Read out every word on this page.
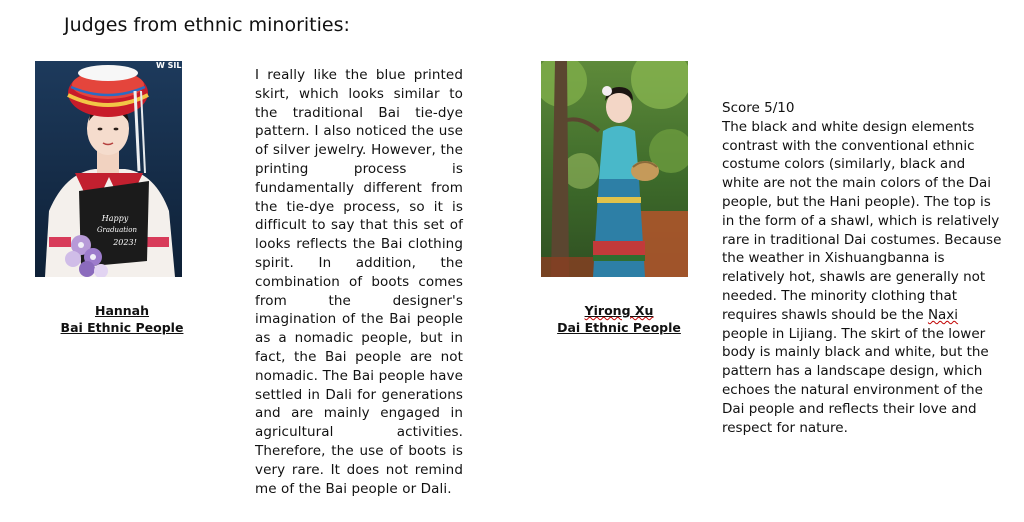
Judges from ethnic minorities:
Happy
Graduation
2023!
W SIL
Hannah
Bai Ethnic People
I really like the blue printed skirt, which looks similar to the traditional Bai tie-dye pattern. I also noticed the use of silver jewelry. However, the printing process is fundamentally different from the tie-dye process, so it is difficult to say that this set of looks reflects the Bai clothing spirit. In addition, the combination of boots comes from the designer's imagination of the Bai people as a nomadic people, but in fact, the Bai people are not nomadic. The Bai people have settled in Dali for generations and are mainly engaged in agricultural activities. Therefore, the use of boots is very rare. It does not remind me of the Bai people or Dali.
Yirong Xu
Dai Ethnic People
Score 5/10
The black and white design elements contrast with the conventional ethnic costume colors (similarly, black and white are not the main colors of the Dai people, but the Hani people). The top is in the form of a shawl, which is relatively rare in traditional Dai costumes. Because the weather in Xishuangbanna is relatively hot, shawls are generally not needed. The minority clothing that requires shawls should be the Naxi people in Lijiang. The skirt of the lower body is mainly black and white, but the pattern has a landscape design, which echoes the natural environment of the Dai people and reflects their love and respect for nature.
